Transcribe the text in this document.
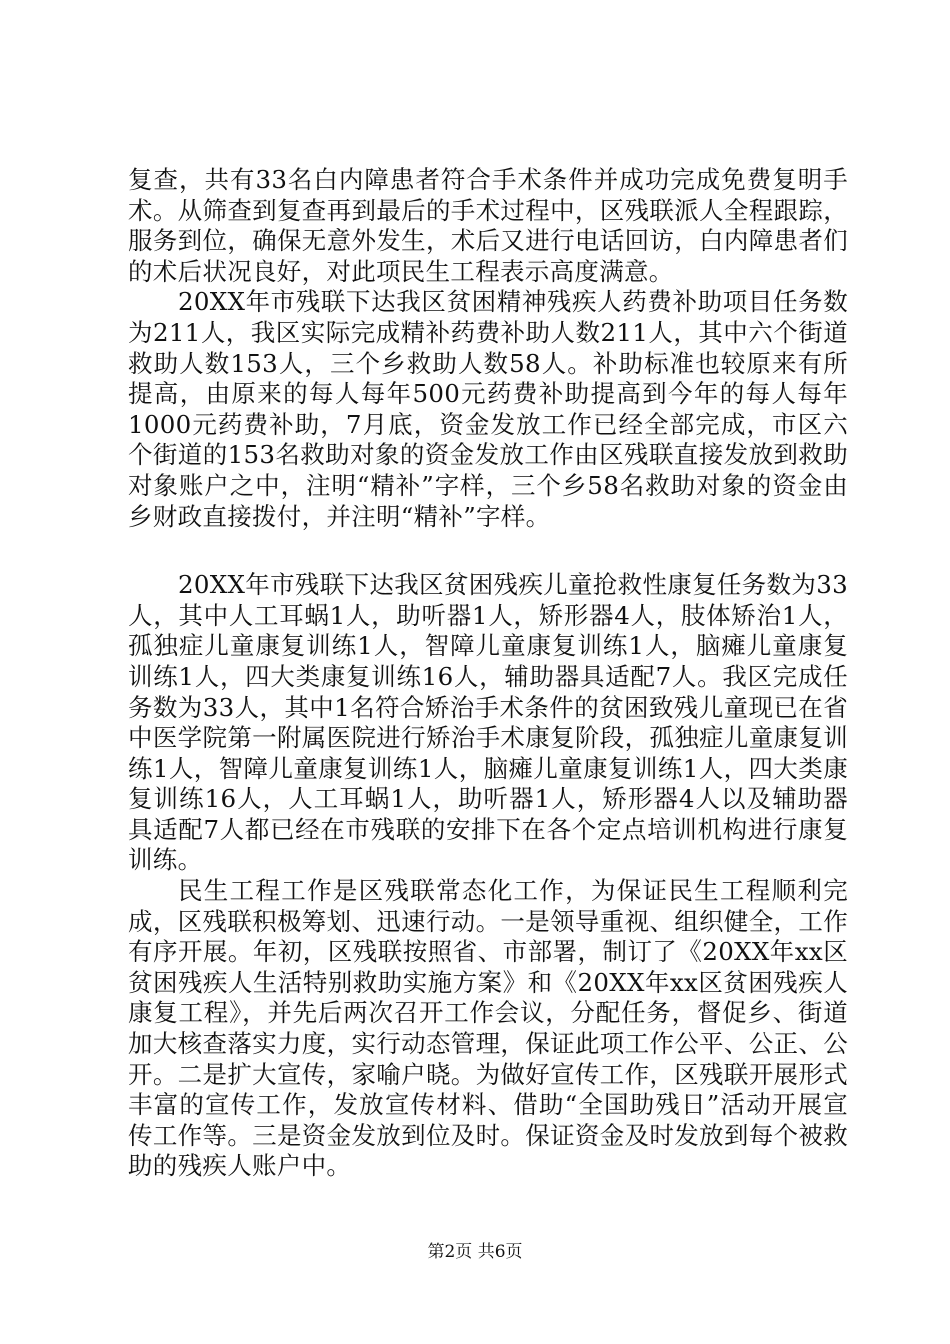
复查，共有33名白内障患者符合手术条件并成功完成免费复明手术。从筛查到复查再到最后的手术过程中，区残联派人全程跟踪，服务到位，确保无意外发生，术后又进行电话回访，白内障患者们的术后状况良好，对此项民生工程表示高度满意。

20XX年市残联下达我区贫困精神残疾人药费补助项目任务数为211人，我区实际完成精补药费补助人数211人，其中六个街道救助人数153人，三个乡救助人数58人。补助标准也较原来有所提高，由原来的每人每年500元药费补助提高到今年的每人每年1000元药费补助，7月底，资金发放工作已经全部完成，市区六个街道的153名救助对象的资金发放工作由区残联直接发放到救助对象账户之中，注明“精补”字样，三个乡58名救助对象的资金由乡财政直接拨付，并注明“精补”字样。

20XX年市残联下达我区贫困残疾儿童抢救性康复任务数为33人，其中人工耳蜗1人，助听器1人，矫形器4人，肢体矫治1人，孤独症儿童康复训练1人，智障儿童康复训练1人，脑瘫儿童康复训练1人，四大类康复训练16人，辅助器具适配7人。我区完成任务数为33人，其中1名符合矫治手术条件的贫困致残儿童现已在省中医学院第一附属医院进行矫治手术康复阶段，孤独症儿童康复训练1人，智障儿童康复训练1人，脑瘫儿童康复训练1人，四大类康复训练16人，人工耳蜗1人，助听器1人，矫形器4人以及辅助器具适配7人都已经在市残联的安排下在各个定点培训机构进行康复训练。

民生工程工作是区残联常态化工作，为保证民生工程顺利完成，区残联积极筹划、迅速行动。一是领导重视、组织健全，工作有序开展。年初，区残联按照省、市部署，制订了《20XX年xx区贫困残疾人生活特别救助实施方案》和《20XX年xx区贫困残疾人康复工程》，并先后两次召开工作会议，分配任务，督促乡、街道加大核查落实力度，实行动态管理，保证此项工作公平、公正、公开。二是扩大宣传，家喻户晓。为做好宣传工作，区残联开展形式丰富的宣传工作，发放宣传材料、借助“全国助残日”活动开展宣传工作等。三是资金发放到位及时。保证资金及时发放到每个被救助的残疾人账户中。

第2页 共6页
